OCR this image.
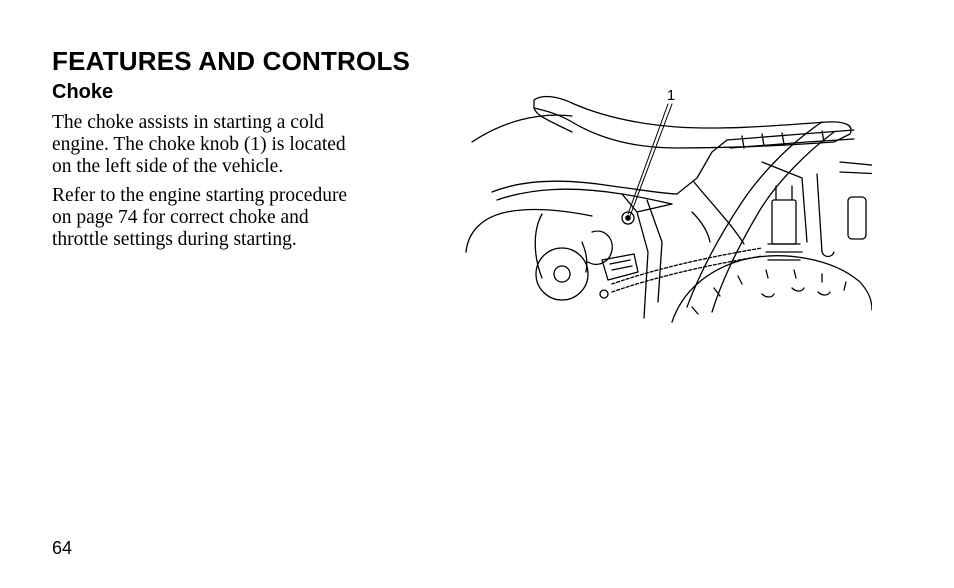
FEATURES AND CONTROLS
Choke

The choke assists in starting a cold
engine. The choke knob (1) is located
on the left side of the vehicle.

Refer to the engine starting procedure
on page 74 for correct choke and
throttle settings during starting.

1

64
